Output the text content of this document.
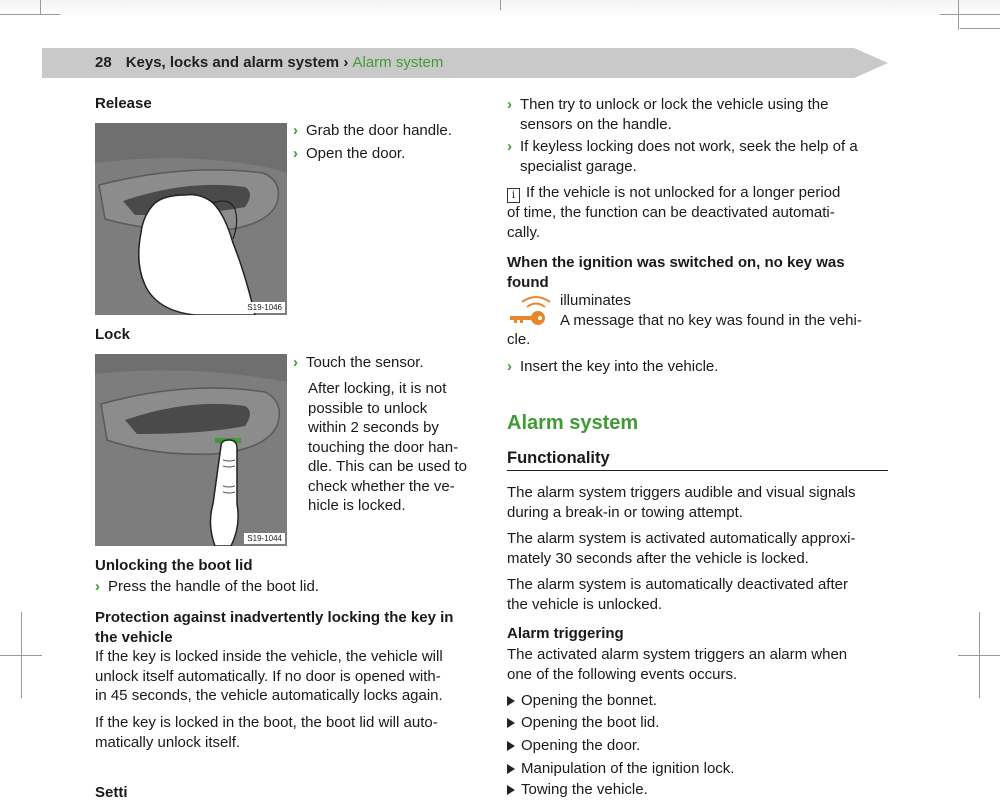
28 Keys, locks and alarm system › Alarm system
Release
S19-1046
› Grab the door handle.
› Open the door.
Lock
S19-1044
› Touch the sensor.
After locking, it is not
possible to unlock
within 2 seconds by
touching the door han-
dle. This can be used to
check whether the ve-
hicle is locked.
Unlocking the boot lid
› Press the handle of the boot lid.
Protection against inadvertently locking the key in
the vehicle
If the key is locked inside the vehicle, the vehicle will
unlock itself automatically. If no door is opened with-
in 45 seconds, the vehicle automatically locks again.
If the key is locked in the boot, the boot lid will auto-
matically unlock itself.
Setti
› Then try to unlock or lock the vehicle using the
sensors on the handle.
› If keyless locking does not work, seek the help of a
specialist garage.
i If the vehicle is not unlocked for a longer period
of time, the function can be deactivated automati-
cally.
When the ignition was switched on, no key was
found
illuminates
A message that no key was found in the vehi-
cle.
› Insert the key into the vehicle.
Alarm system
Functionality
The alarm system triggers audible and visual signals
during a break-in or towing attempt.
The alarm system is activated automatically approxi-
mately 30 seconds after the vehicle is locked.
The alarm system is automatically deactivated after
the vehicle is unlocked.
Alarm triggering
The activated alarm system triggers an alarm when
one of the following events occurs.
Opening the bonnet.
Opening the boot lid.
Opening the door.
Manipulation of the ignition lock.
Towing the vehicle.
